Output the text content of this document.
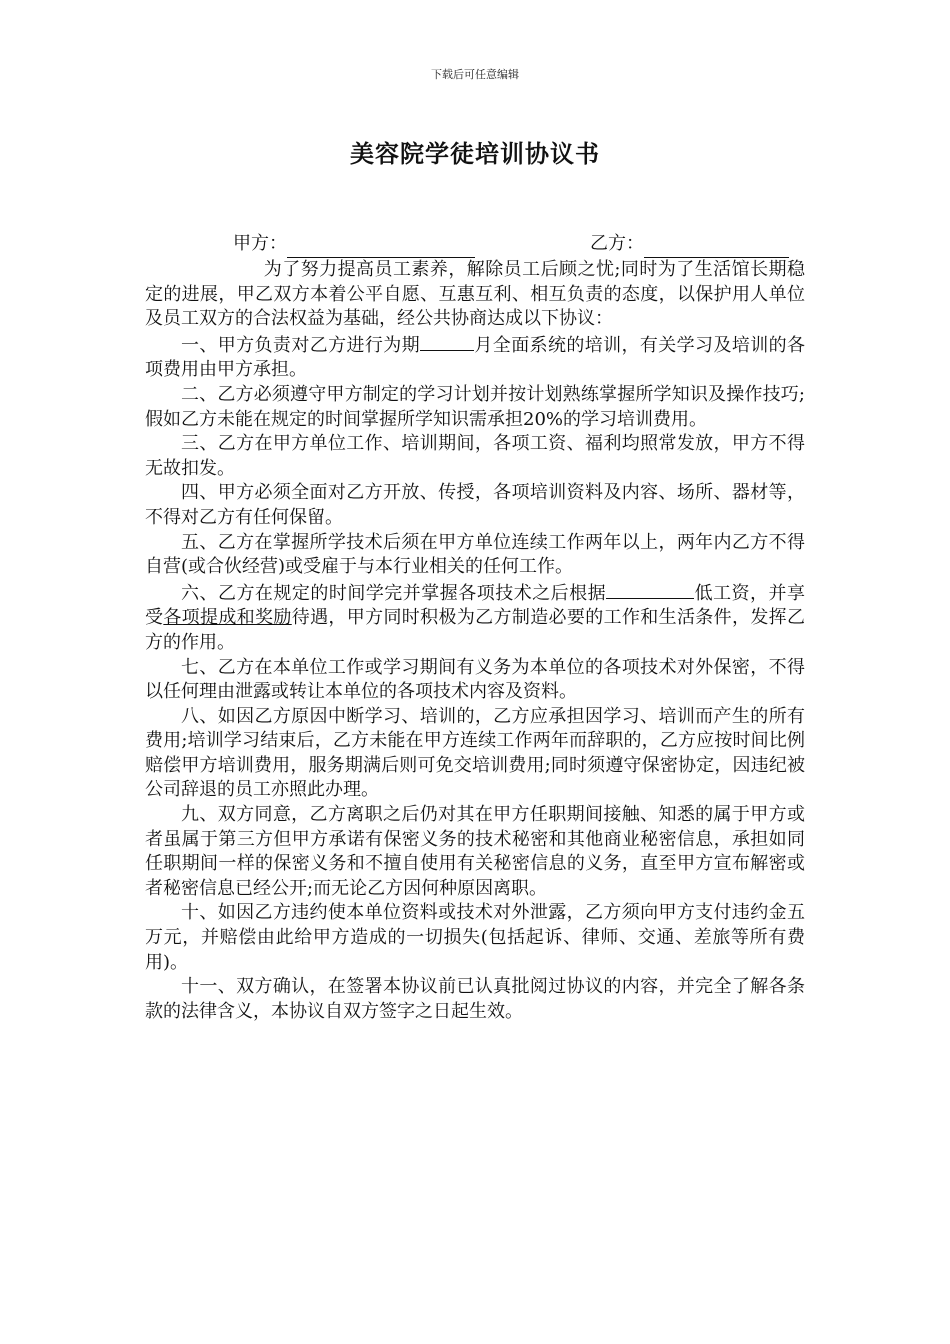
下载后可任意编辑
美容院学徒培训协议书
甲方：	乙方：

为了努力提高员工素养，解除员工后顾之忧;同时为了生活馆长期稳定的进展，甲乙双方本着公平自愿、互惠互利、相互负责的态度，以保护用人单位及员工双方的合法权益为基础，经公共协商达成以下协议：

一、甲方负责对乙方进行为期	月全面系统的培训，有关学习及培训的各项费用由甲方承担。

二、乙方必须遵守甲方制定的学习计划并按计划熟练掌握所学知识及操作技巧;假如乙方未能在规定的时间掌握所学知识需承担20%的学习培训费用。

三、乙方在甲方单位工作、培训期间，各项工资、福利均照常发放，甲方不得无故扣发。

四、甲方必须全面对乙方开放、传授，各项培训资料及内容、场所、器材等，不得对乙方有任何保留。

五、乙方在掌握所学技术后须在甲方单位连续工作两年以上，两年内乙方不得自营(或合伙经营)或受雇于与本行业相关的任何工作。

六、乙方在规定的时间学完并掌握各项技术之后根据	低工资，并享受各项提成和奖励待遇，甲方同时积极为乙方制造必要的工作和生活条件，发挥乙方的作用。

七、乙方在本单位工作或学习期间有义务为本单位的各项技术对外保密，不得以任何理由泄露或转让本单位的各项技术内容及资料。

八、如因乙方原因中断学习、培训的，乙方应承担因学习、培训而产生的所有费用;培训学习结束后，乙方未能在甲方连续工作两年而辞职的，乙方应按时间比例赔偿甲方培训费用，服务期满后则可免交培训费用;同时须遵守保密协定，因违纪被公司辞退的员工亦照此办理。

九、双方同意，乙方离职之后仍对其在甲方任职期间接触、知悉的属于甲方或者虽属于第三方但甲方承诺有保密义务的技术秘密和其他商业秘密信息，承担如同任职期间一样的保密义务和不擅自使用有关秘密信息的义务，直至甲方宣布解密或者秘密信息已经公开;而无论乙方因何种原因离职。

十、如因乙方违约使本单位资料或技术对外泄露，乙方须向甲方支付违约金五万元，并赔偿由此给甲方造成的一切损失(包括起诉、律师、交通、差旅等所有费用)。

十一、双方确认，在签署本协议前已认真批阅过协议的内容，并完全了解各条款的法律含义，本协议自双方签字之日起生效。
